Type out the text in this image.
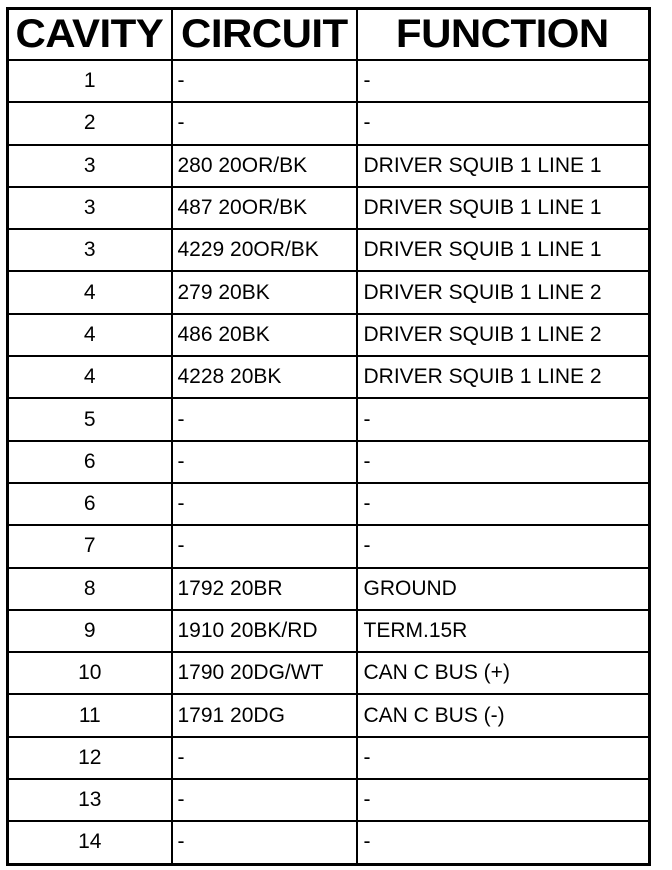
CAVITY	CIRCUIT	FUNCTION
1	-	-
2	-	-
3	280 20OR/BK	DRIVER SQUIB 1 LINE 1
3	487 20OR/BK	DRIVER SQUIB 1 LINE 1
3	4229 20OR/BK	DRIVER SQUIB 1 LINE 1
4	279 20BK	DRIVER SQUIB 1 LINE 2
4	486 20BK	DRIVER SQUIB 1 LINE 2
4	4228 20BK	DRIVER SQUIB 1 LINE 2
5	-	-
6	-	-
6	-	-
7	-	-
8	1792 20BR	GROUND
9	1910 20BK/RD	TERM.15R
10	1790 20DG/WT	CAN C BUS (+)
11	1791 20DG	CAN C BUS (-)
12	-	-
13	-	-
14	-	-
